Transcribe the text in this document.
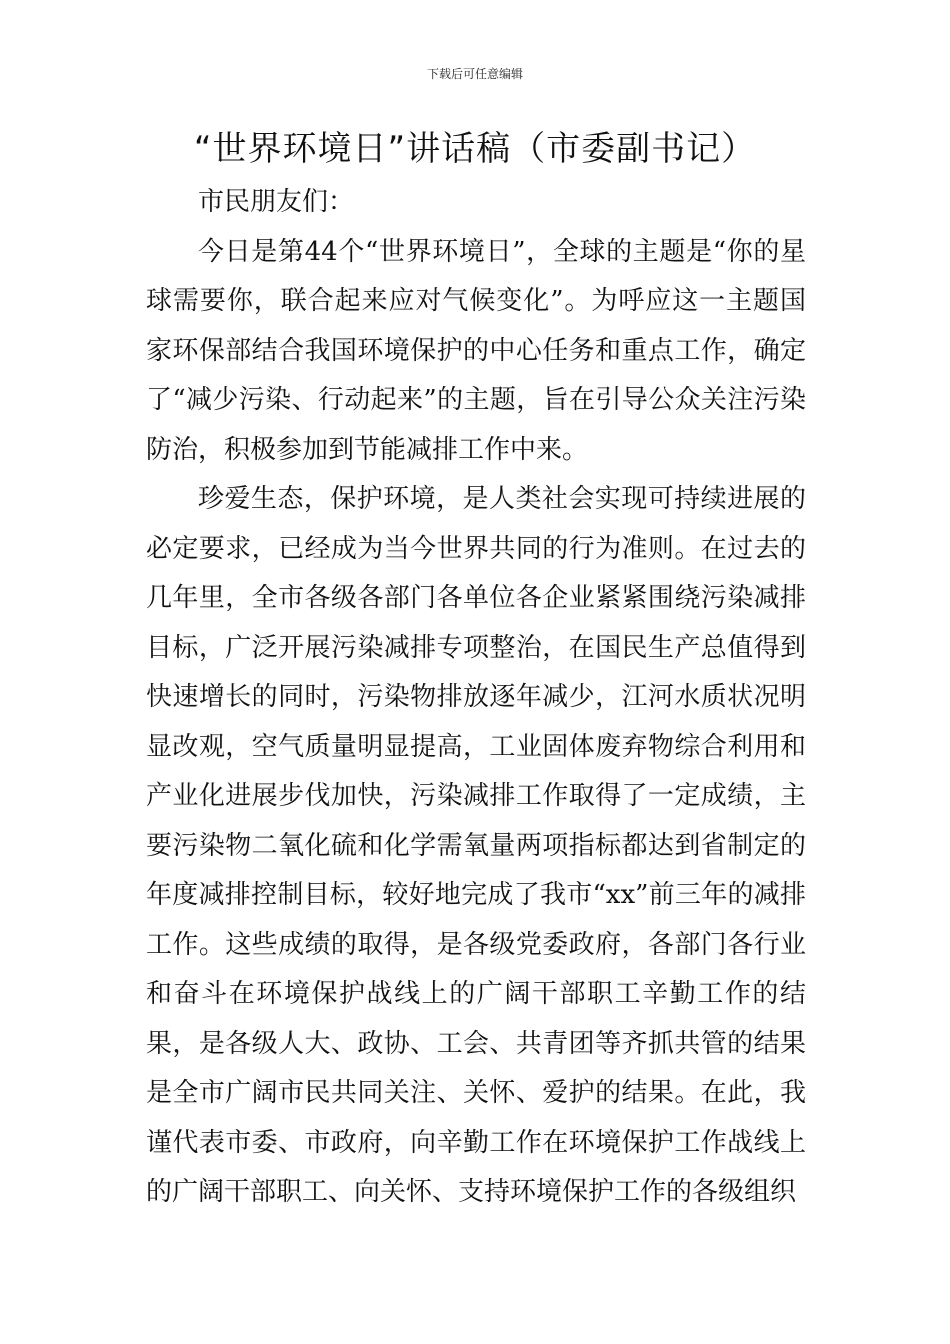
下载后可任意编辑
“世界环境日”讲话稿（市委副书记）

市民朋友们：

今日是第44个“世界环境日”，全球的主题是“你的星球需要你，联合起来应对气候变化”。为呼应这一主题国家环保部结合我国环境保护的中心任务和重点工作，确定了“减少污染、行动起来”的主题，旨在引导公众关注污染防治，积极参加到节能减排工作中来。

珍爱生态，保护环境，是人类社会实现可持续进展的必定要求，已经成为当今世界共同的行为准则。在过去的几年里，全市各级各部门各单位各企业紧紧围绕污染减排目标，广泛开展污染减排专项整治，在国民生产总值得到快速增长的同时，污染物排放逐年减少，江河水质状况明显改观，空气质量明显提高，工业固体废弃物综合利用和产业化进展步伐加快，污染减排工作取得了一定成绩，主要污染物二氧化硫和化学需氧量两项指标都达到省制定的年度减排控制目标，较好地完成了我市“xx”前三年的减排工作。这些成绩的取得，是各级党委政府，各部门各行业和奋斗在环境保护战线上的广阔干部职工辛勤工作的结果，是各级人大、政协、工会、共青团等齐抓共管的结果是全市广阔市民共同关注、关怀、爱护的结果。在此，我谨代表市委、市政府，向辛勤工作在环境保护工作战线上的广阔干部职工、向关怀、支持环境保护工作的各级组织
